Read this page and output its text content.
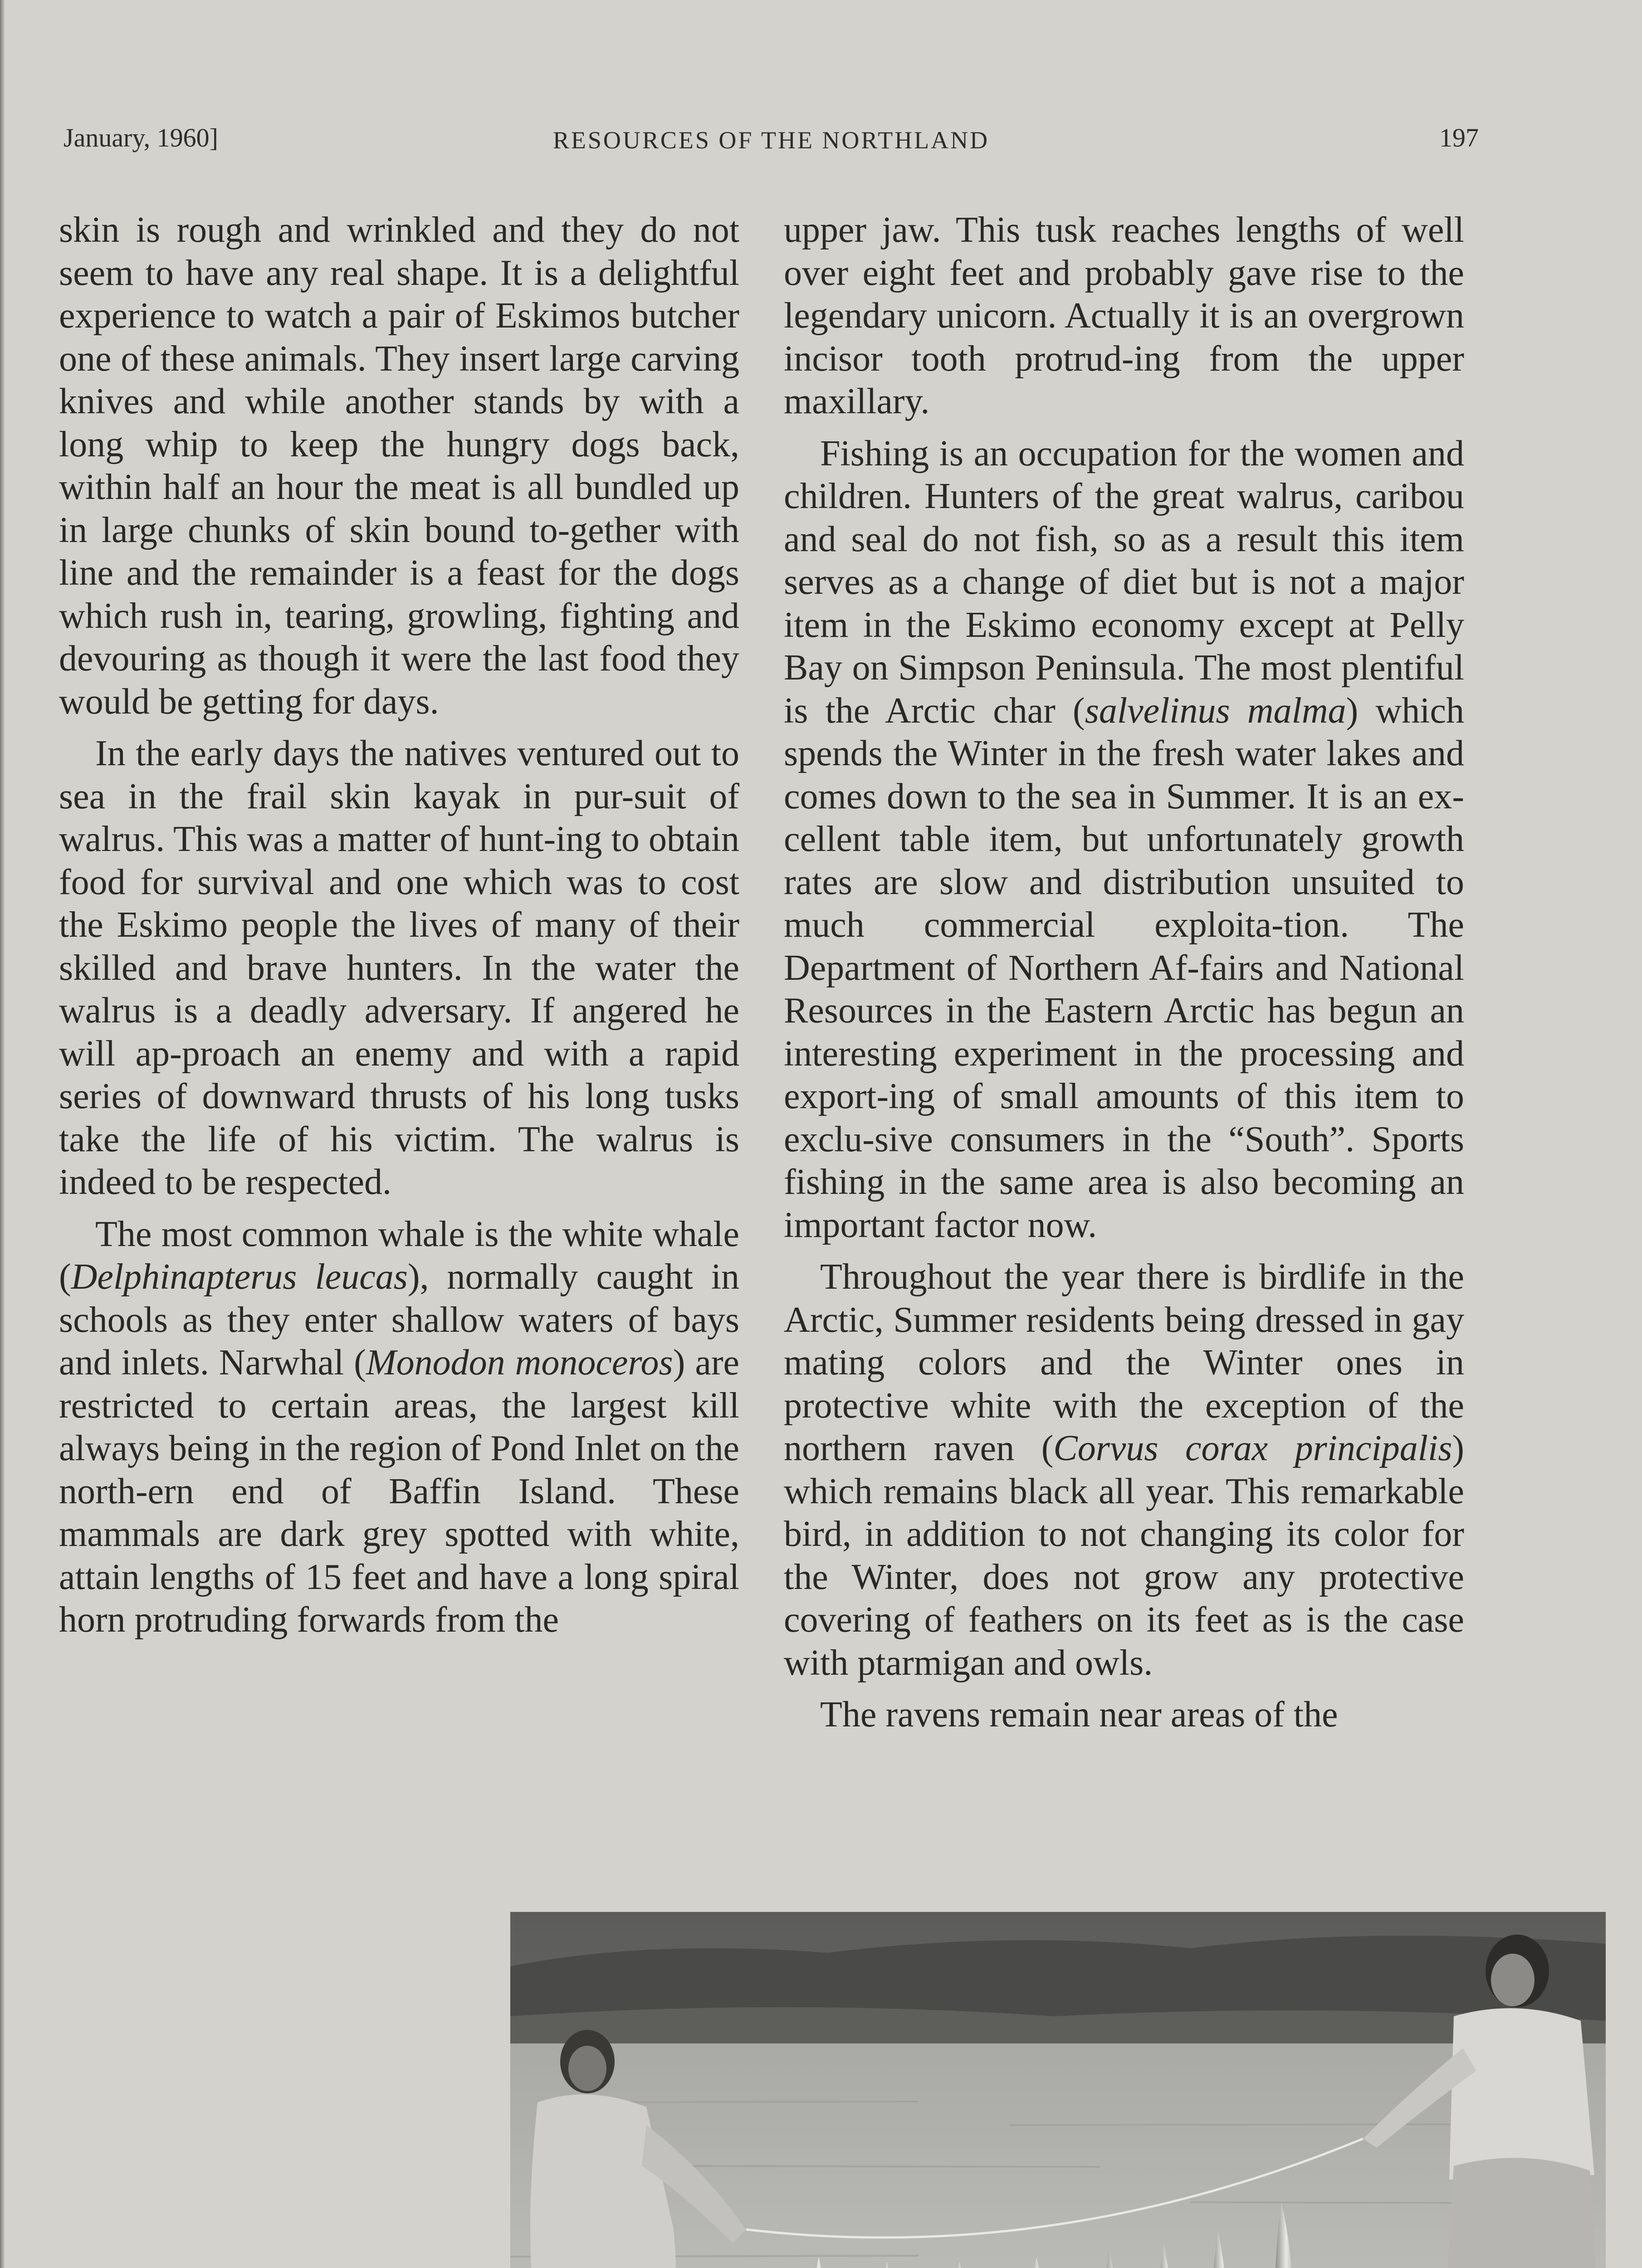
January, 1960]	RESOURCES OF THE NORTHLAND	197

skin is rough and wrinkled and they do not seem to have any real shape. It is a delightful experience to watch a pair of Eskimos butcher one of these animals. They insert large carving knives and while another stands by with a long whip to keep the hungry dogs back, within half an hour the meat is all bundled up in large chunks of skin bound to-gether with line and the remainder is a feast for the dogs which rush in, tearing, growling, fighting and devouring as though it were the last food they would be getting for days.

In the early days the natives ventured out to sea in the frail skin kayak in pur-suit of walrus. This was a matter of hunt-ing to obtain food for survival and one which was to cost the Eskimo people the lives of many of their skilled and brave hunters. In the water the walrus is a deadly adversary. If angered he will ap-proach an enemy and with a rapid series of downward thrusts of his long tusks take the life of his victim. The walrus is indeed to be respected.

The most common whale is the white whale (Delphinapterus leucas), normally caught in schools as they enter shallow waters of bays and inlets. Narwhal (Monodon monoceros) are restricted to certain areas, the largest kill always being in the region of Pond Inlet on the north-ern end of Baffin Island. These mammals are dark grey spotted with white, attain lengths of 15 feet and have a long spiral horn protruding forwards from the

upper jaw. This tusk reaches lengths of well over eight feet and probably gave rise to the legendary unicorn. Actually it is an overgrown incisor tooth protrud-ing from the upper maxillary.

Fishing is an occupation for the women and children. Hunters of the great walrus, caribou and seal do not fish, so as a result this item serves as a change of diet but is not a major item in the Eskimo economy except at Pelly Bay on Simpson Peninsula. The most plentiful is the Arctic char (salvelinus malma) which spends the Winter in the fresh water lakes and comes down to the sea in Summer. It is an ex-cellent table item, but unfortunately growth rates are slow and distribution unsuited to much commercial exploita-tion. The Department of Northern Af-fairs and National Resources in the Eastern Arctic has begun an interesting experiment in the processing and export-ing of small amounts of this item to exclu-sive consumers in the “South”. Sports fishing in the same area is also becoming an important factor now.

Throughout the year there is birdlife in the Arctic, Summer residents being dressed in gay mating colors and the Winter ones in protective white with the exception of the northern raven (Corvus corax principalis) which remains black all year. This remarkable bird, in addition to not changing its color for the Winter, does not grow any protective covering of feathers on its feet as is the case with ptarmigan and owls.

The ravens remain near areas of the
